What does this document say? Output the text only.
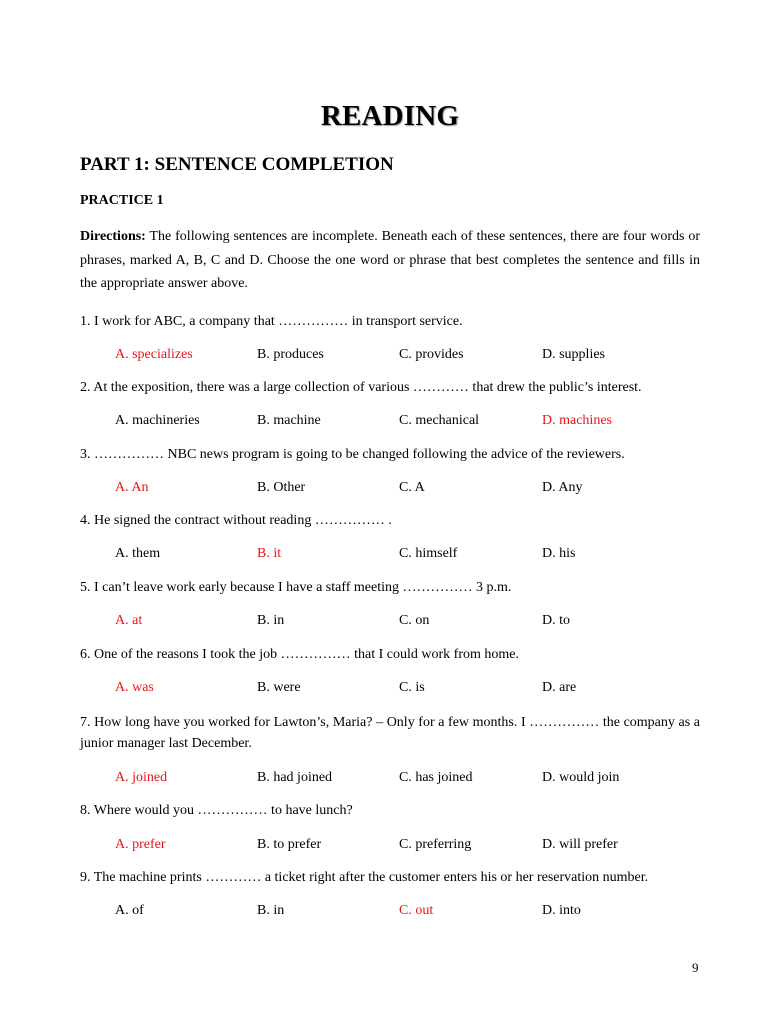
READING
PART 1: SENTENCE COMPLETION
PRACTICE 1
Directions: The following sentences are incomplete. Beneath each of these sentences, there are four words or phrases, marked A, B, C and D. Choose the one word or phrase that best completes the sentence and fills in the appropriate answer above.
1. I work for ABC, a company that …………… in transport service.
A. specializes	B. produces	C. provides	D. supplies
2. At the exposition, there was a large collection of various ………… that drew the public’s interest.
A. machineries	B. machine	C. mechanical	D. machines
3. …………… NBC news program is going to be changed following the advice of the reviewers.
A. An	B. Other	C. A	D. Any
4. He signed the contract without reading …………… .
A. them	B. it	C. himself	D. his
5. I can’t leave work early because I have a staff meeting …………… 3 p.m.
A. at	B. in	C. on	D. to
6. One of the reasons I took the job …………… that I could work from home.
A. was	B. were	C. is	D. are
7. How long have you worked for Lawton’s, Maria? – Only for a few months. I …………… the company as a junior manager last December.
A. joined	B. had joined	C. has joined	D. would join
8. Where would you …………… to have lunch?
A. prefer	B. to prefer	C. preferring	D. will prefer
9. The machine prints ………… a ticket right after the customer enters his or her reservation number.
A. of	B. in	C. out	D. into
9
